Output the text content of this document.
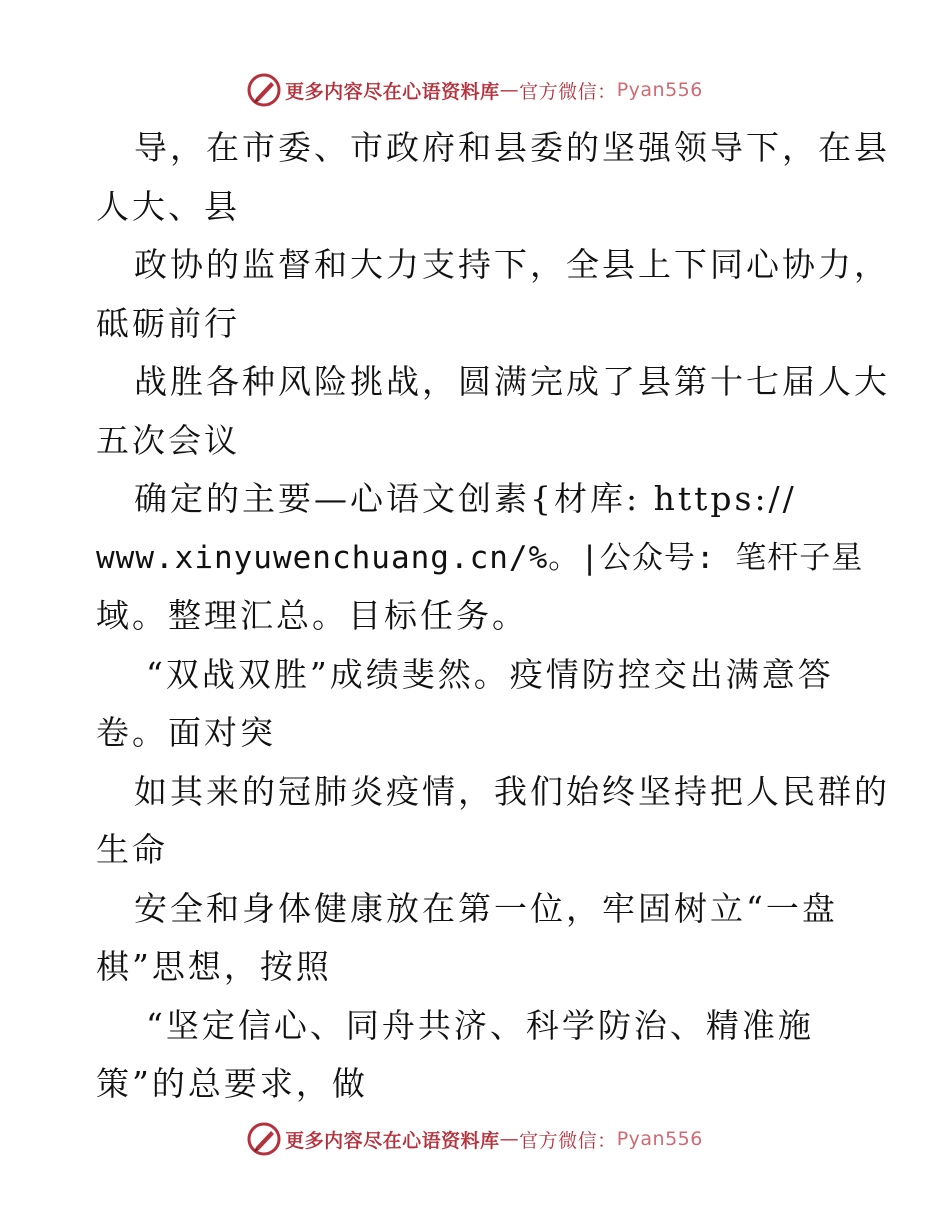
更多内容尽在心语资料库 — 官方微信： Pyan556
导，在市委、市政府和县委的坚强领导下，在县
人大、县
政协的监督和大力支持下，全县上下同心协力，
砥砺前行
战胜各种风险挑战，圆满完成了县第十七届人大
五次会议
确定的主要—心语文创素{材库: https://
www.xinyuwenchuang.cn/%。|公众号: 笔杆子星
域。整理汇总。目标任务。
“双战双胜”成绩斐然。疫情防控交出满意答
卷。面对突
如其来的冠肺炎疫情，我们始终坚持把人民群的
生命
安全和身体健康放在第一位，牢固树立“一盘
棋”思想，按照
“坚定信心、同舟共济、科学防治、精准施
策”的总要求，做
更多内容尽在心语资料库 — 官方微信： Pyan556
